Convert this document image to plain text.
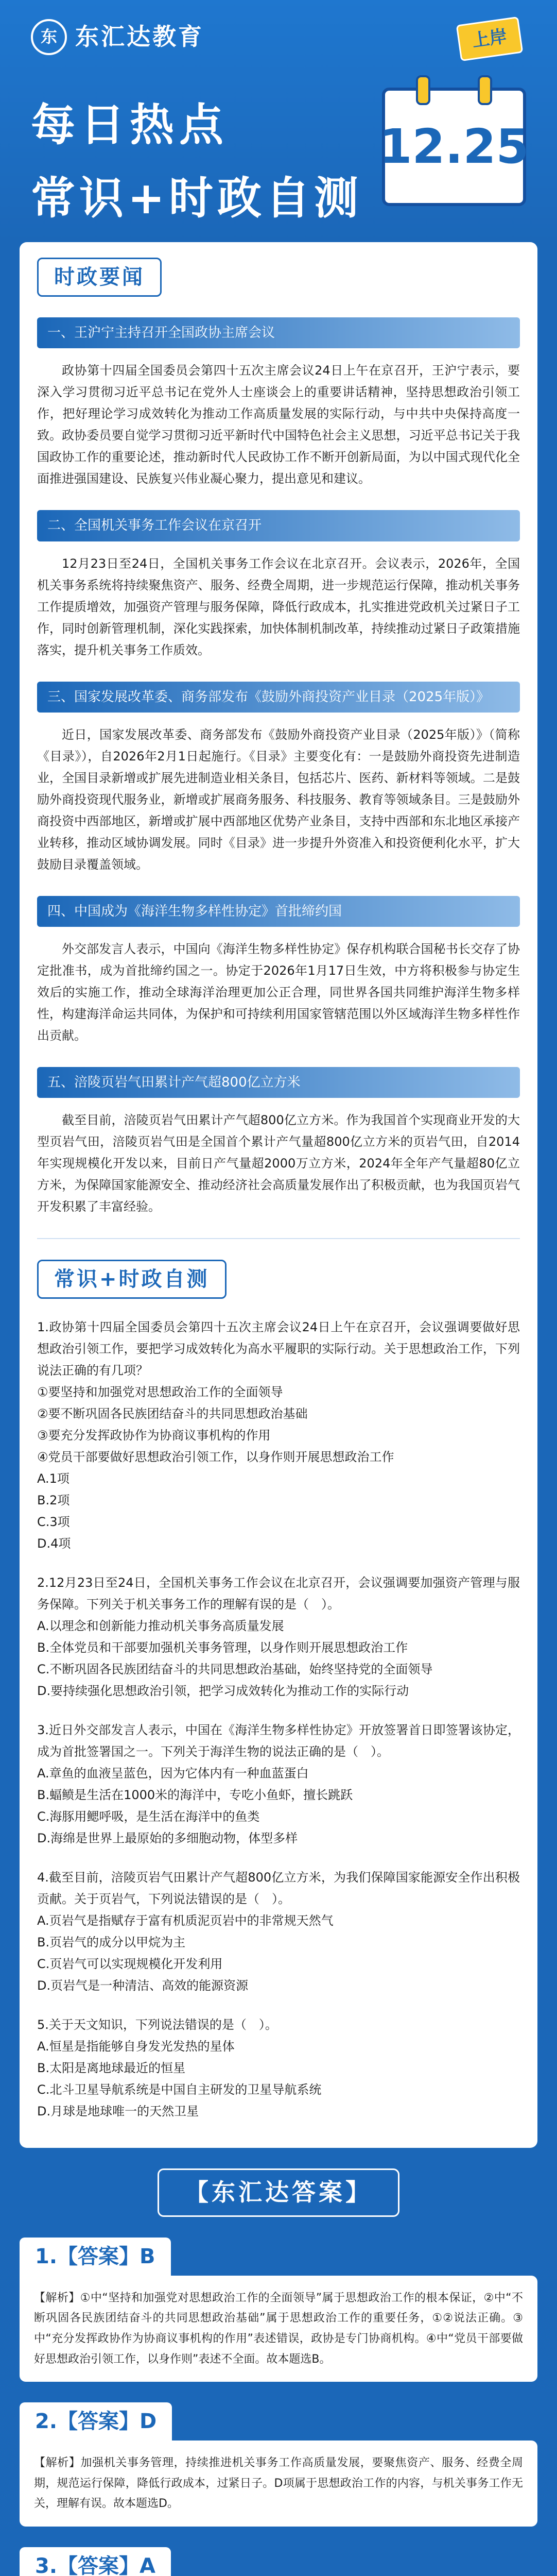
东 东汇达教育	上岸
每日热点
常识+时政自测
12.25
时政要闻
一、王沪宁主持召开全国政协主席会议

政协第十四届全国委员会第四十五次主席会议24日上午在京召开，王沪宁表示，要深入学习贯彻习近平总书记在党外人士座谈会上的重要讲话精神，坚持思想政治引领工作，把好理论学习成效转化为推动工作高质量发展的实际行动，与中共中央保持高度一致。政协委员要自觉学习贯彻习近平新时代中国特色社会主义思想，习近平总书记关于我国政协工作的重要论述，推动新时代人民政协工作不断开创新局面，为以中国式现代化全面推进强国建设、民族复兴伟业凝心聚力，提出意见和建议。

二、全国机关事务工作会议在京召开

12月23日至24日，全国机关事务工作会议在北京召开。会议表示，2026年，全国机关事务系统将持续聚焦资产、服务、经费全周期，进一步规范运行保障，推动机关事务工作提质增效，加强资产管理与服务保障，降低行政成本，扎实推进党政机关过紧日子工作，同时创新管理机制，深化实践探索，加快体制机制改革，持续推动过紧日子政策措施落实，提升机关事务工作质效。

三、国家发展改革委、商务部发布《鼓励外商投资产业目录（2025年版）》

近日，国家发展改革委、商务部发布《鼓励外商投资产业目录（2025年版）》（简称《目录》），自2026年2月1日起施行。《目录》主要变化有：一是鼓励外商投资先进制造业，全国目录新增或扩展先进制造业相关条目，包括芯片、医药、新材料等领域。二是鼓励外商投资现代服务业，新增或扩展商务服务、科技服务、教育等领域条目。三是鼓励外商投资中西部地区，新增或扩展中西部地区优势产业条目，支持中西部和东北地区承接产业转移，推动区域协调发展。同时《目录》进一步提升外资准入和投资便利化水平，扩大鼓励目录覆盖领域。

四、中国成为《海洋生物多样性协定》首批缔约国

外交部发言人表示，中国向《海洋生物多样性协定》保存机构联合国秘书长交存了协定批准书，成为首批缔约国之一。协定于2026年1月17日生效，中方将积极参与协定生效后的实施工作，推动全球海洋治理更加公正合理，同世界各国共同维护海洋生物多样性，构建海洋命运共同体，为保护和可持续利用国家管辖范围以外区域海洋生物多样性作出贡献。

五、涪陵页岩气田累计产气超800亿立方米

截至目前，涪陵页岩气田累计产气超800亿立方米。作为我国首个实现商业开发的大型页岩气田，涪陵页岩气田是全国首个累计产气量超800亿立方米的页岩气田，自2014年实现规模化开发以来，目前日产气量超2000万立方米，2024年全年产气量超80亿立方米，为保障国家能源安全、推动经济社会高质量发展作出了积极贡献，也为我国页岩气开发积累了丰富经验。

常识+时政自测

1.政协第十四届全国委员会第四十五次主席会议24日上午在京召开，会议强调要做好思想政治引领工作，要把学习成效转化为高水平履职的实际行动。关于思想政治工作，下列说法正确的有几项？

①要坚持和加强党对思想政治工作的全面领导

②要不断巩固各民族团结奋斗的共同思想政治基础

③要充分发挥政协作为协商议事机构的作用

④党员干部要做好思想政治引领工作，以身作则开展思想政治工作

A.1项

B.2项

C.3项

D.4项

2.12月23日至24日，全国机关事务工作会议在北京召开，会议强调要加强资产管理与服务保障。下列关于机关事务工作的理解有误的是（　）。

A.以理念和创新能力推动机关事务高质量发展

B.全体党员和干部要加强机关事务管理，以身作则开展思想政治工作

C.不断巩固各民族团结奋斗的共同思想政治基础，始终坚持党的全面领导

D.要持续强化思想政治引领，把学习成效转化为推动工作的实际行动

3.近日外交部发言人表示，中国在《海洋生物多样性协定》开放签署首日即签署该协定，成为首批签署国之一。下列关于海洋生物的说法正确的是（　）。

A.章鱼的血液呈蓝色，因为它体内有一种血蓝蛋白

B.蝠鲼是生活在1000米的海洋中，专吃小鱼虾，擅长跳跃

C.海豚用鳃呼吸，是生活在海洋中的鱼类

D.海绵是世界上最原始的多细胞动物，体型多样

4.截至目前，涪陵页岩气田累计产气超800亿立方米，为我们保障国家能源安全作出积极贡献。关于页岩气，下列说法错误的是（　）。

A.页岩气是指赋存于富有机质泥页岩中的非常规天然气

B.页岩气的成分以甲烷为主

C.页岩气可以实现规模化开发利用

D.页岩气是一种清洁、高效的能源资源

5.关于天文知识，下列说法错误的是（　）。

A.恒星是指能够自身发光发热的星体

B.太阳是离地球最近的恒星

C.北斗卫星导航系统是中国自主研发的卫星导航系统

D.月球是地球唯一的天然卫星

【东汇达答案】
1.【答案】B
【解析】①中“坚持和加强党对思想政治工作的全面领导”属于思想政治工作的根本保证，②中“不断巩固各民族团结奋斗的共同思想政治基础”属于思想政治工作的重要任务，①②说法正确。③中“充分发挥政协作为协商议事机构的作用”表述错误，政协是专门协商机构。④中“党员干部要做好思想政治引领工作，以身作则”表述不全面。故本题选B。
2.【答案】D
【解析】加强机关事务管理，持续推进机关事务工作高质量发展，要聚焦资产、服务、经费全周期，规范运行保障，降低行政成本，过紧日子。D项属于思想政治工作的内容，与机关事务工作无关，理解有误。故本题选D。
3.【答案】A
